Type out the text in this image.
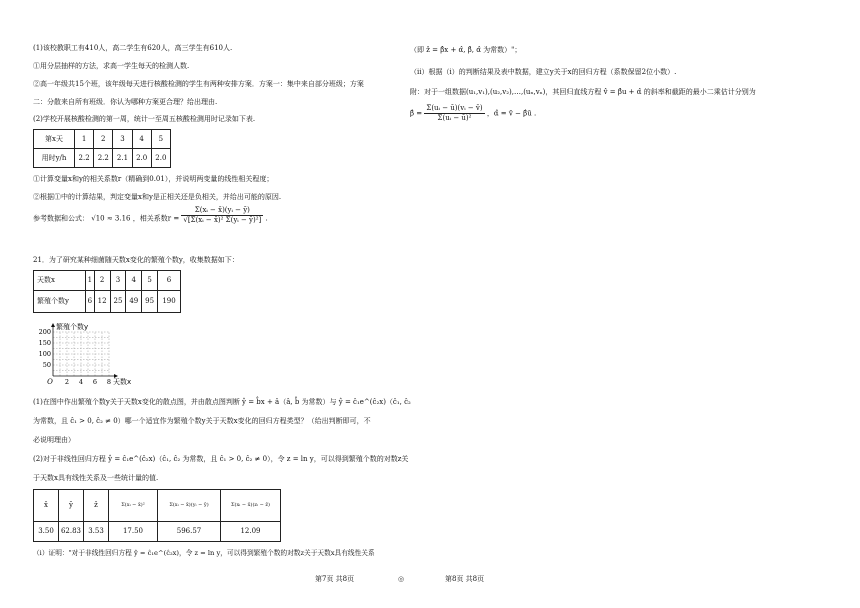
(1)该校教职工有410人，高二学生有620人，高三学生有610人.
①用分层抽样的方法，求高一学生每天的检测人数.
②高一年级共15个班，该年级每天进行核酸检测的学生有两种安排方案．方案一：集中来自部分班级；方案
二：分散来自所有班级．你认为哪种方案更合理？给出理由.
(2)学校开展核酸检测的第一周，统计一至周五核酸检测用时记录如下表.
第x天	1	2	3	4	5
用时y/h	2.2	2.2	2.1	2.0	2.0
①计算变量x和y的相关系数r（精确到0.01），并说明两变量的线性相关程度；
②根据①中的计算结果，判定变量x和y是正相关还是负相关，并给出可能的原因.
参考数据和公式： √10 ≈ 3.16 ，相关系数$r = \frac{\text{Σ(xᵢ − x̄)(yᵢ − ȳ)}}{\text{√[Σ(xᵢ − x̄)² Σ(yᵢ − ȳ)²]}}$ .
21．为了研究某种细菌随天数x变化的繁殖个数y，收集数据如下：
天数x	1	2	3	4	5	6
繁殖个数y	6	12	25	49	95	190
50
100
150
200
2 4 6 8
O
繁殖个数y
天数x
(1)在图中作出繁殖个数y关于天数x变化的散点图，并由散点图判断 ŷ = b̂x + â（â, b̂ 为常数）与 ŷ = ĉ₁e^(ĉ₂x)（ĉ₁, ĉ₂
为常数，且 ĉ₁ > 0, ĉ₂ ≠ 0）哪一个适宜作为繁殖个数y关于天数x变化的回归方程类型？（给出判断即可，不
必说明理由）
(2)对于非线性回归方程 ŷ = ĉ₁e^(ĉ₂x)（ĉ₁, ĉ₂ 为常数，且 ĉ₁ > 0, ĉ₂ ≠ 0），令 z = ln y，可以得到繁殖个数的对数z关
于天数x具有线性关系及一些统计量的值.
x̄	ȳ	z̄	Σ(xᵢ − x̄)²	Σ(xᵢ − x̄)(yᵢ − ȳ)	Σ(xᵢ − x̄)(zᵢ − z̄)
3.50	62.83	3.53	17.50	596.57	12.09
（i）证明："对于非线性回归方程 ŷ = ĉ₁e^(ĉ₂x)，令 z = ln y，可以得到繁殖个数的对数z关于天数x具有线性关系
（即 ẑ = β̂x + α̂, β̂, α̂ 为常数）"；
（ii）根据（i）的判断结果及表中数据，建立y关于x的回归方程（系数保留2位小数）.
附：对于一组数据(u₁,v₁),(u₂,v₂),…,(uₙ,vₙ)，其回归直线方程 v̂ = β̂u + α̂ 的斜率和截距的最小二乘估计分别为
β̂ = $\frac{\text{Σ(uᵢ − ū)(vᵢ − v̄)}}{\text{Σ(uᵢ − ū)²}}$ ，α̂ = v̄ − β̂ū .
第7页 共8页	◎	第8页 共8页
